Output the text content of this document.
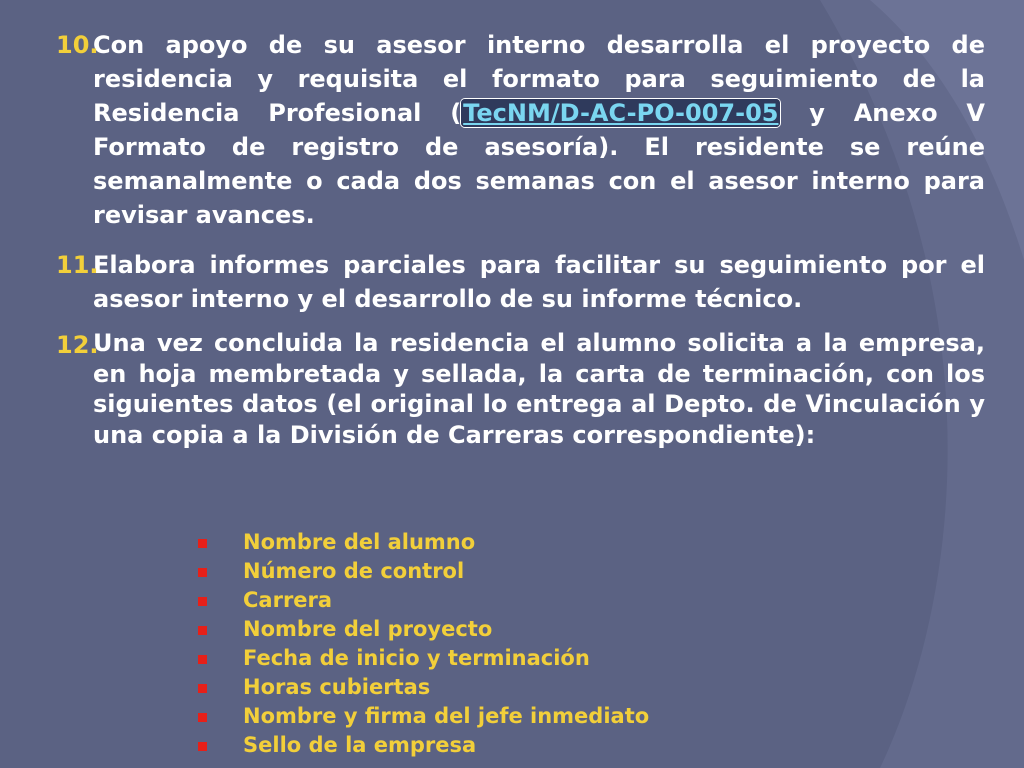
10.

Con apoyo de su asesor interno desarrolla el proyecto de residencia y requisita el formato para seguimiento de la Residencia Profesional (TecNM/D-AC-PO-007-05 y Anexo V Formato de registro de asesoría). El residente se reúne semanalmente o cada dos semanas con el asesor interno para revisar avances.

11.

Elabora informes parciales para facilitar su seguimiento por el asesor interno y el desarrollo de su informe técnico.

12.

Una vez concluida la residencia el alumno solicita a la empresa, en hoja membretada y sellada, la carta de terminación, con los siguientes datos (el original lo entrega al Depto. de Vinculación y una copia a la División de Carreras correspondiente):

Nombre del alumno
Número de control
Carrera
Nombre del proyecto
Fecha de inicio y terminación
Horas cubiertas
Nombre y firma del jefe inmediato
Sello de la empresa
